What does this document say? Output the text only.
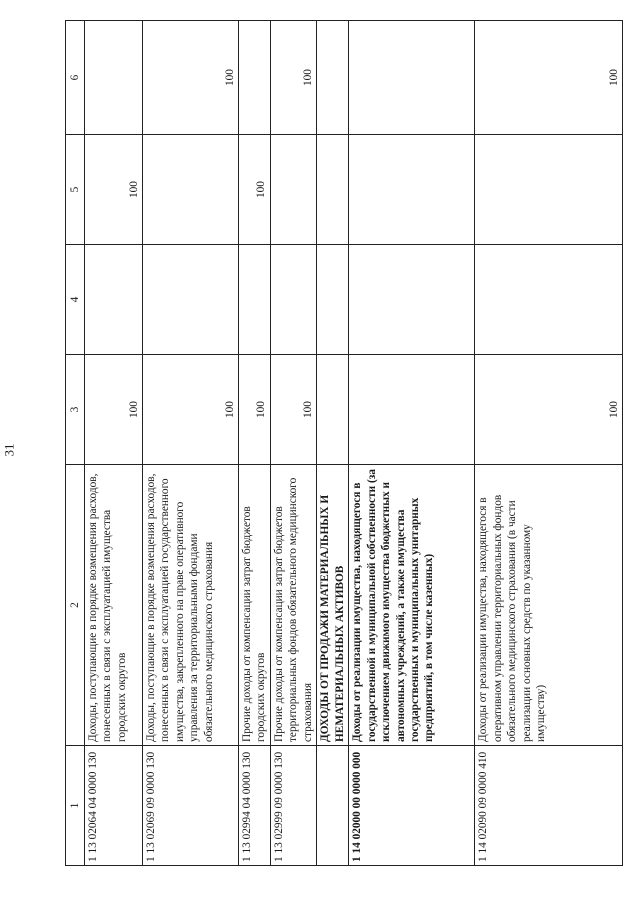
31
1	2	3	4	5	6
1 13 02064 04 0000 130	Доходы, поступающие в порядке возмещения расходов, понесенных в связи с эксплуатацией имущества городских округов	100		100	
1 13 02069 09 0000 130	Доходы, поступающие в порядке возмещения расходов, понесенных в связи с эксплуатацией государственного имущества, закрепленного на праве оперативного управления за территориальными фондами обязательного медицинского страхования	100			100
1 13 02994 04 0000 130	Прочие доходы от компенсации затрат бюджетов городских округов	100		100	
1 13 02999 09 0000 130	Прочие доходы от компенсации затрат бюджетов территориальных фондов обязательного медицинского страхования	100			100
	ДОХОДЫ ОТ ПРОДАЖИ МАТЕРИАЛЬНЫХ И НЕМАТЕРИАЛЬНЫХ АКТИВОВ				
1 14 02000 00 0000 000	Доходы от реализации имущества, находящегося в государственной и муниципальной собственности (за исключением движимого имущества бюджетных и автономных учреждений, а также имущества государственных и муниципальных унитарных предприятий, в том числе казенных)				
1 14 02090 09 0000 410	Доходы от реализации имущества, находящегося в оперативном управлении территориальных фондов обязательного медицинского страхования (в части реализации основных средств по указанному имуществу)	100			100
